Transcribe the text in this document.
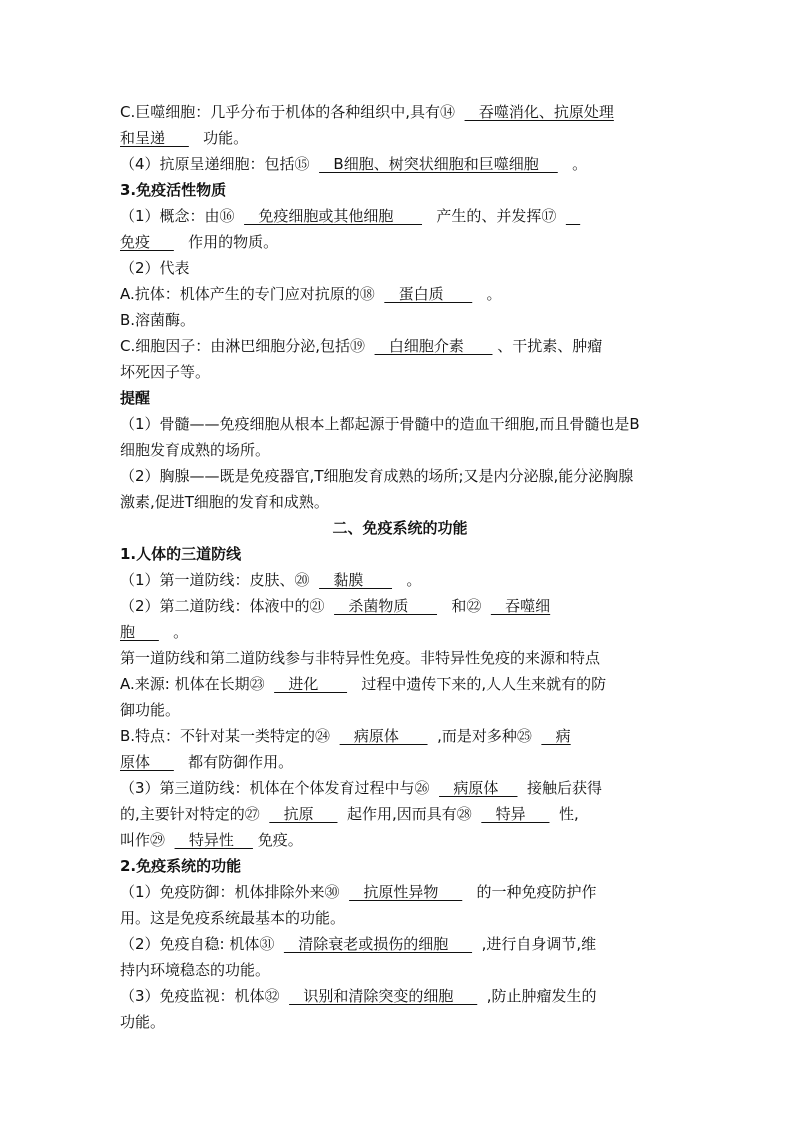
C.巨噬细胞：几乎分布于机体的各种组织中,具有⑭     吞噬消化、抗原处理
和呈递        功能。
（4）抗原呈递细胞：包括⑮     B细胞、树突状细胞和巨噬细胞       。
3.免疫活性物质
（1）概念：由⑯     免疫细胞或其他细胞         产生的、并发挥⑰
免疫        作用的物质。
（2）代表
A.抗体：机体产生的专门应对抗原的⑱     蛋白质         。
B.溶菌酶。
C.细胞因子：由淋巴细胞分泌,包括⑲     白细胞介素       、干扰素、肿瘤
坏死因子等。
提醒
（1）骨髓——免疫细胞从根本上都起源于骨髓中的造血干细胞,而且骨髓也是B
细胞发育成熟的场所。
（2）胸腺——既是免疫器官,T细胞发育成熟的场所;又是内分泌腺,能分泌胸腺
激素,促进T细胞的发育和成熟。
二、免疫系统的功能
1.人体的三道防线
（1）第一道防线：皮肤、⑳     黏膜         。
（2）第二道防线：体液中的㉑     杀菌物质         和㉒     吞噬细
胞        。
第一道防线和第二道防线参与非特异性免疫。非特异性免疫的来源和特点
A.来源: 机体在长期㉓     进化         过程中遗传下来的,人人生来就有的防
御功能。
B.特点：不针对某一类特定的㉔     病原体        ,而是对多种㉕     病
原体        都有防御作用。
（3）第三道防线：机体在个体发育过程中与㉖     病原体      接触后获得
的,主要针对特定的㉗     抗原       起作用,因而具有㉘     特异       性,
叫作㉙     特异性     免疫。
2.免疫系统的功能
（1）免疫防御：机体排除外来㉚     抗原性异物        的一种免疫防护作
用。这是免疫系统最基本的功能。
（2）免疫自稳: 机体㉛     清除衰老或损伤的细胞       ,进行自身调节,维
持内环境稳态的功能。
（3）免疫监视：机体㉜     识别和清除突变的细胞       ,防止肿瘤发生的
功能。
